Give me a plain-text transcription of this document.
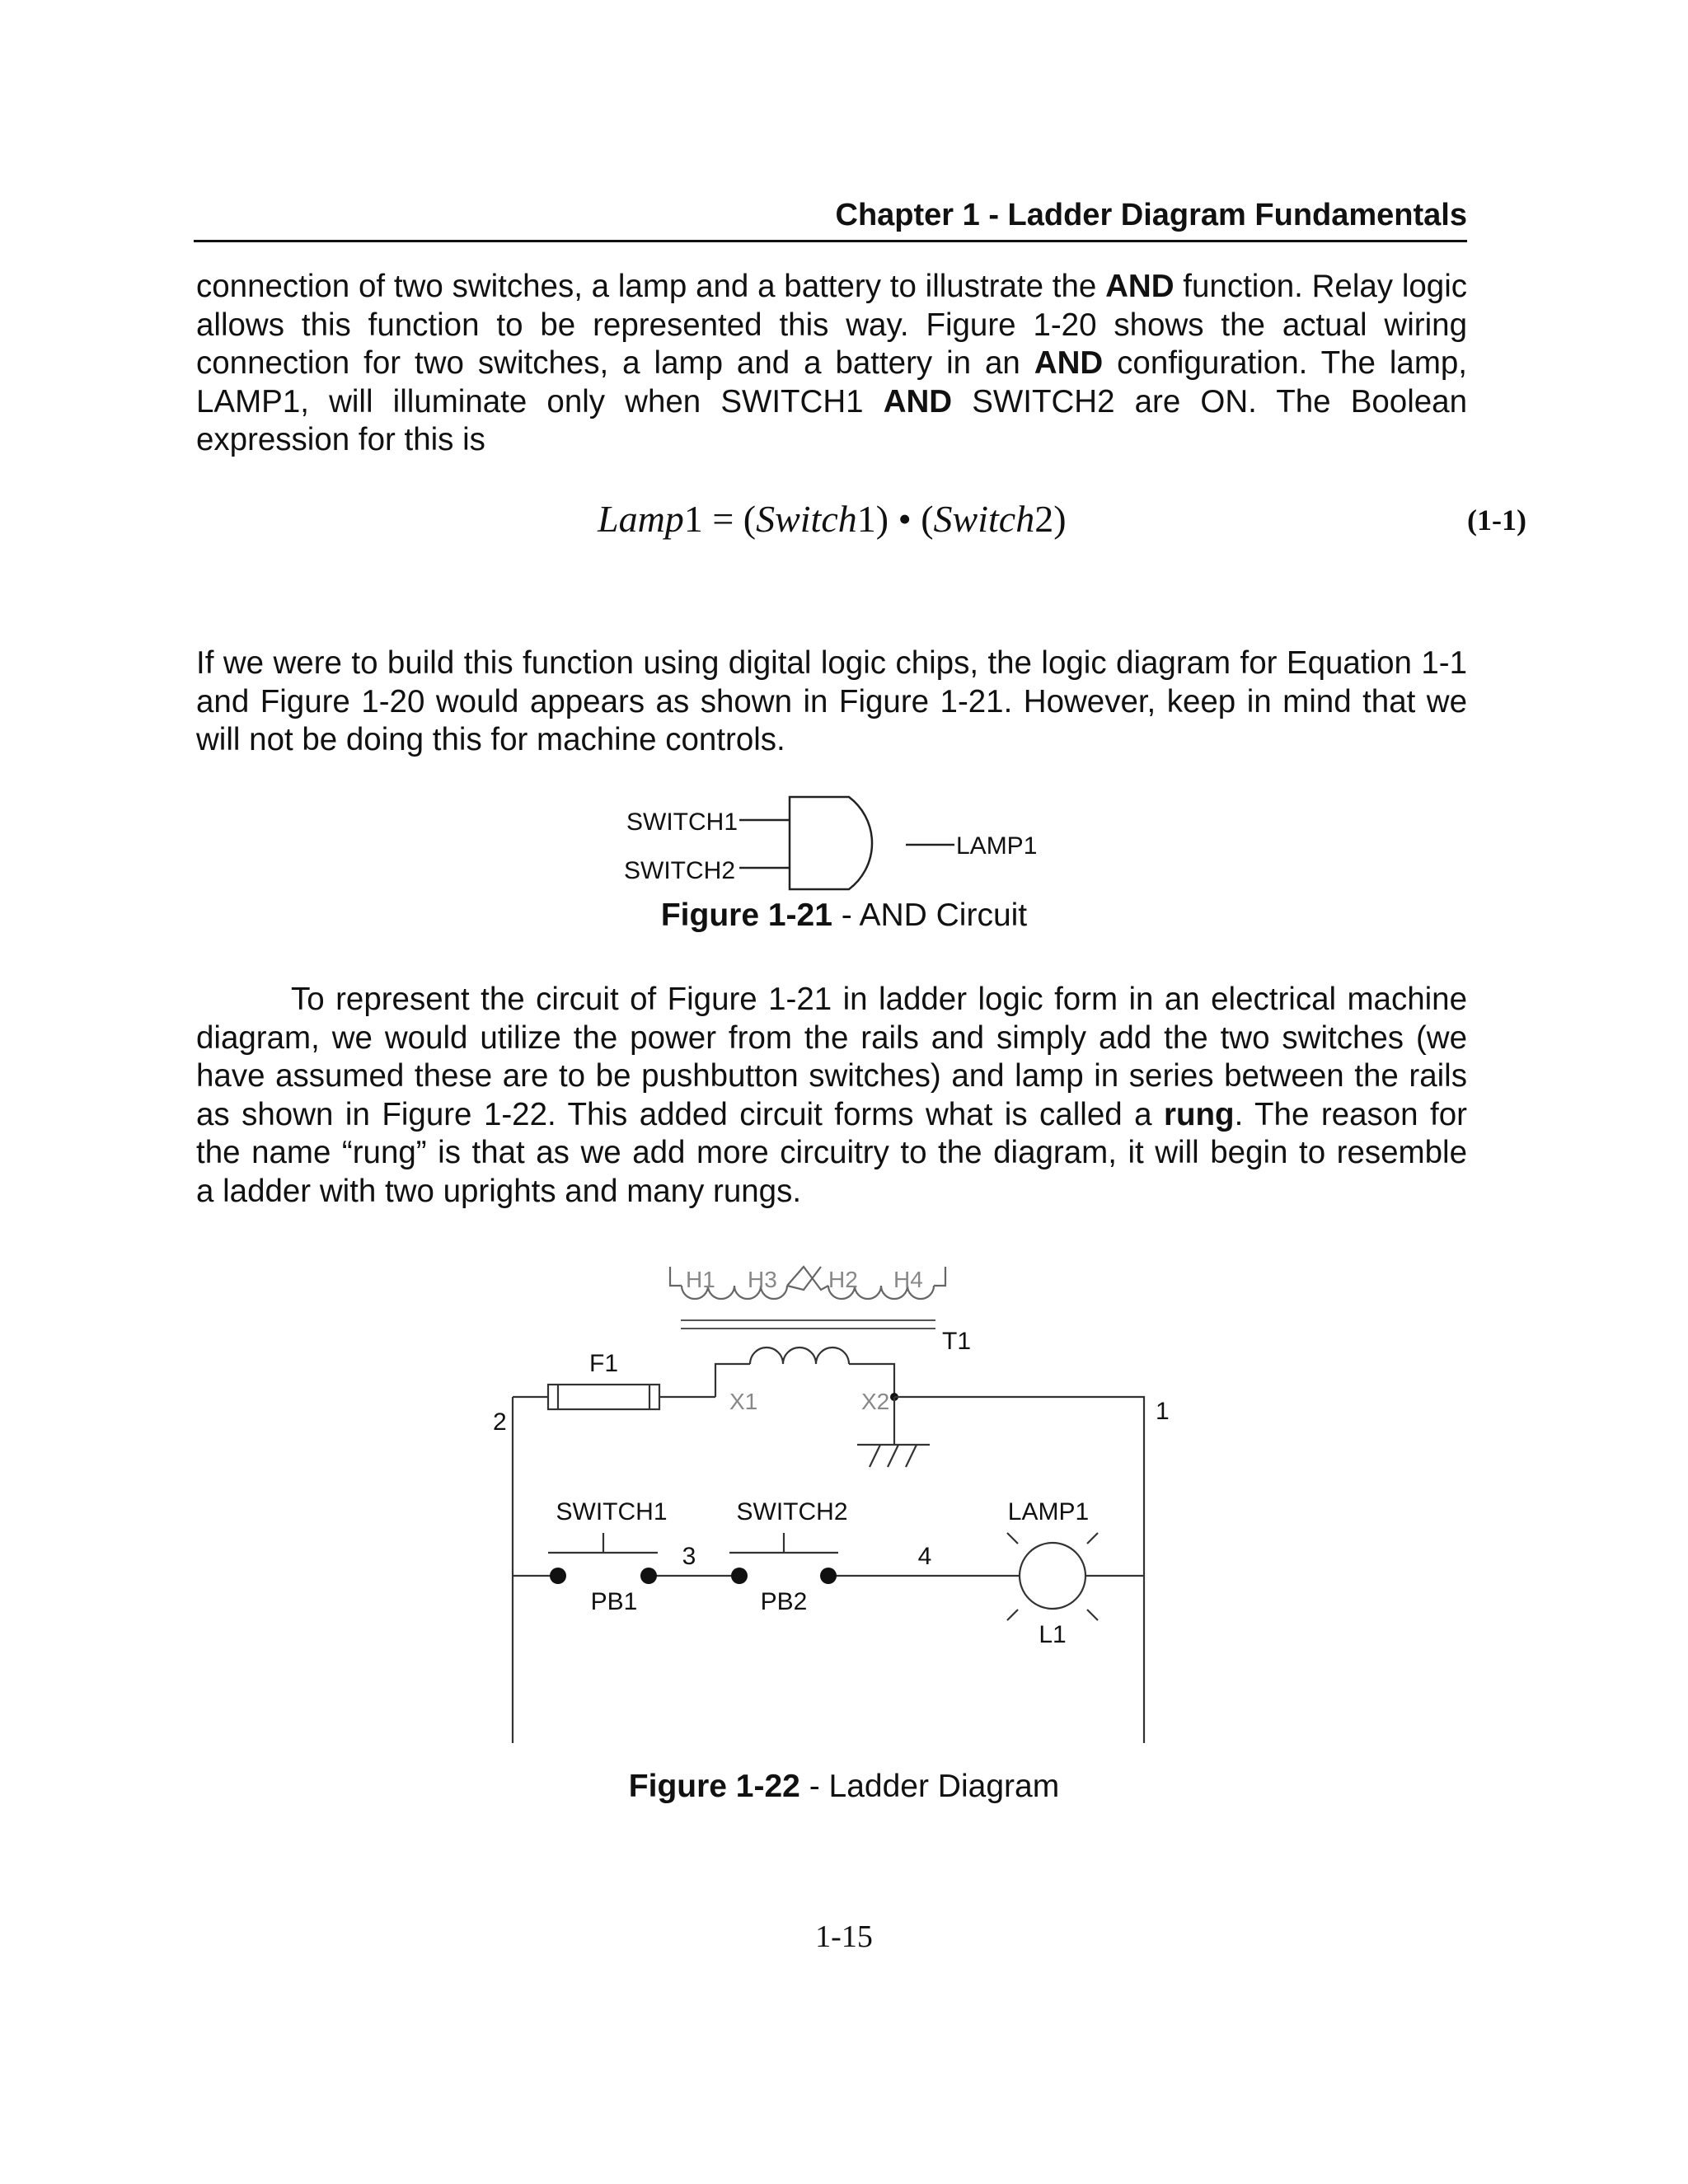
Chapter 1 - Ladder Diagram Fundamentals
connection of two switches, a lamp and a battery to illustrate the AND function. Relay logic
allows this function to be represented this way. Figure 1-20 shows the actual wiring
connection for two switches, a lamp and a battery in an AND configuration. The lamp,
LAMP1, will illuminate only when SWITCH1 AND SWITCH2 are ON. The Boolean
expression for this is
Lamp1 = (Switch1) • (Switch2)	(1-1)
If we were to build this function using digital logic chips, the logic diagram for Equation 1-1
and Figure 1-20 would appears as shown in Figure 1-21. However, keep in mind that we
will not be doing this for machine controls.
SWITCH1
SWITCH2
LAMP1
Figure 1-21 - AND Circuit
To represent the circuit of Figure 1-21 in ladder logic form in an electrical machine
diagram, we would utilize the power from the rails and simply add the two switches (we
have assumed these are to be pushbutton switches) and lamp in series between the rails
as shown in Figure 1-22. This added circuit forms what is called a rung. The reason for
the name “rung” is that as we add more circuitry to the diagram, it will begin to resemble
a ladder with two uprights and many rungs.
H1 H3 H2 H4
T1
X1	X2
F1
2	1
SWITCH1	SWITCH2	LAMP1
3	4
PB1	PB2
L1
Figure 1-22 - Ladder Diagram
1-15
